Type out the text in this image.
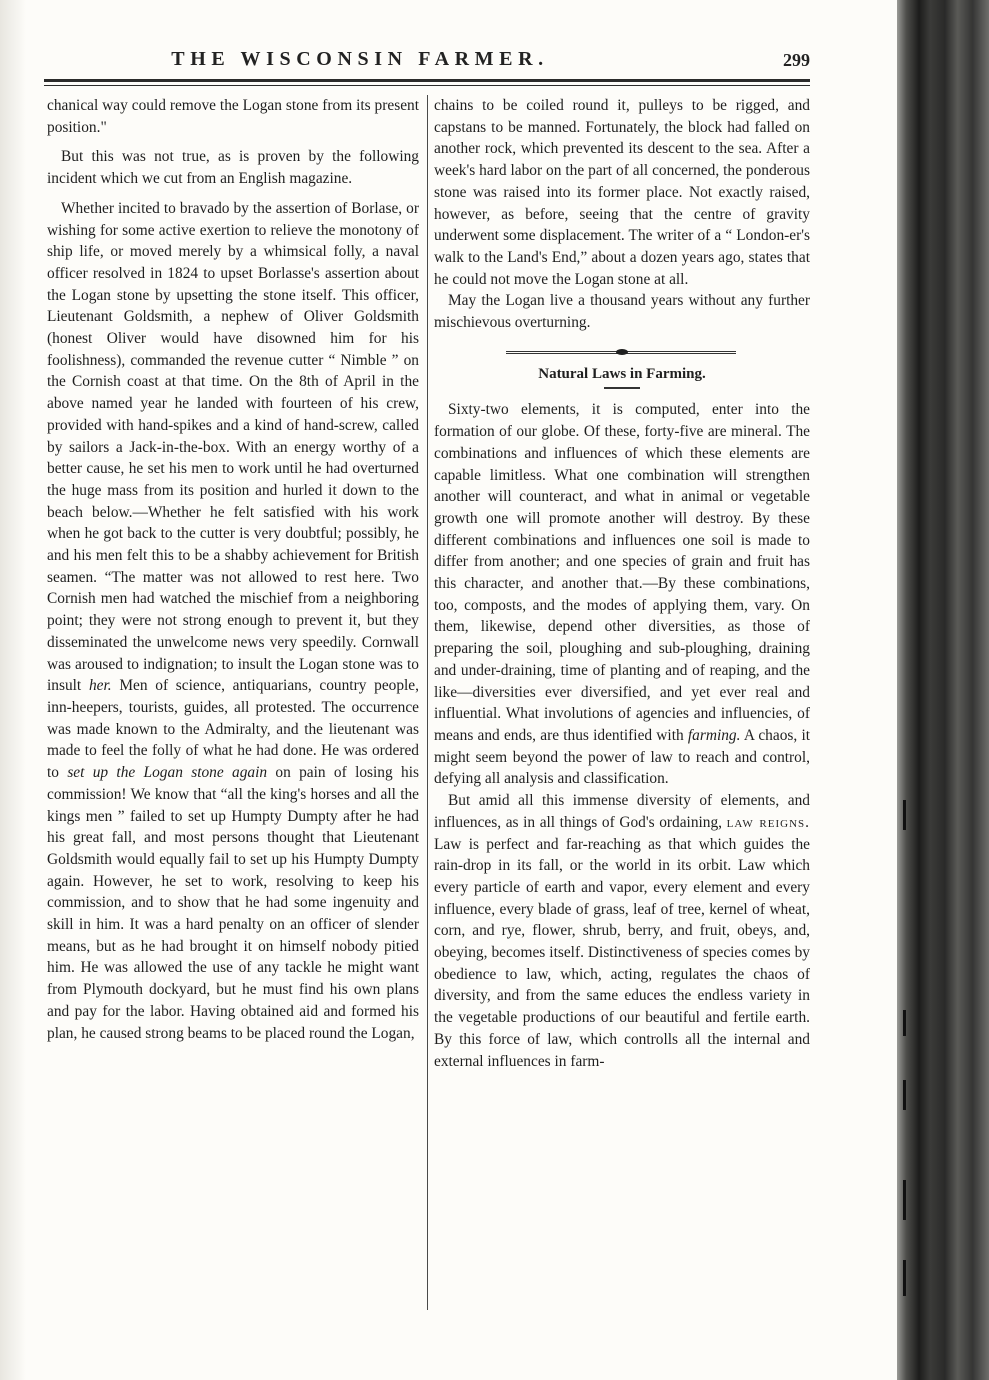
THE WISCONSIN FARMER.	299

chanical way could remove the Logan stone from its present position."

But this was not true, as is proven by the following incident which we cut from an English magazine.

Whether incited to bravado by the assertion of Borlase, or wishing for some active exertion to relieve the monotony of ship life, or moved merely by a whimsical folly, a naval officer resolved in 1824 to upset Borlasse's assertion about the Logan stone by upsetting the stone itself. This officer, Lieutenant Goldsmith, a nephew of Oliver Goldsmith (honest Oliver would have disowned him for his foolishness), commanded the revenue cutter “ Nimble ” on the Cornish coast at that time. On the 8th of April in the above named year he landed with fourteen of his crew, provided with hand-spikes and a kind of hand-screw, called by sailors a Jack-in-the-box. With an energy worthy of a better cause, he set his men to work until he had overturned the huge mass from its position and hurled it down to the beach below.—Whether he felt satisfied with his work when he got back to the cutter is very doubtful; possibly, he and his men felt this to be a shabby achievement for British seamen. “The matter was not allowed to rest here. Two Cornish men had watched the mischief from a neighboring point; they were not strong enough to prevent it, but they disseminated the unwelcome news very speedily. Cornwall was aroused to indignation; to insult the Logan stone was to insult her. Men of science, antiquarians, country people, inn-heepers, tourists, guides, all protested. The occurrence was made known to the Admiralty, and the lieutenant was made to feel the folly of what he had done. He was ordered to set up the Logan stone again on pain of losing his commission! We know that “all the king's horses and all the kings men ” failed to set up Humpty Dumpty after he had his great fall, and most persons thought that Lieutenant Goldsmith would equally fail to set up his Humpty Dumpty again. However, he set to work, resolving to keep his commission, and to show that he had some ingenuity and skill in him. It was a hard penalty on an officer of slender means, but as he had brought it on himself nobody pitied him. He was allowed the use of any tackle he might want from Plymouth dockyard, but he must find his own plans and pay for the labor. Having obtained aid and formed his plan, he caused strong beams to be placed round the Logan,

chains to be coiled round it, pulleys to be rigged, and capstans to be manned. Fortunately, the block had falled on another rock, which prevented its descent to the sea. After a week's hard labor on the part of all concerned, the ponderous stone was raised into its former place. Not exactly raised, however, as before, seeing that the centre of gravity underwent some displacement. The writer of a “ London-er's walk to the Land's End,” about a dozen years ago, states that he could not move the Logan stone at all.

May the Logan live a thousand years without any further mischievous overturning.

Natural Laws in Farming.

Sixty-two elements, it is computed, enter into the formation of our globe. Of these, forty-five are mineral. The combinations and influences of which these elements are capable limitless. What one combination will strengthen another will counteract, and what in animal or vegetable growth one will promote another will destroy. By these different combinations and influences one soil is made to differ from another; and one species of grain and fruit has this character, and another that.—By these combinations, too, composts, and the modes of applying them, vary. On them, likewise, depend other diversities, as those of preparing the soil, ploughing and sub-ploughing, draining and under-draining, time of planting and of reaping, and the like—diversities ever diversified, and yet ever real and influential. What involutions of agencies and influencies, of means and ends, are thus identified with farming. A chaos, it might seem beyond the power of law to reach and control, defying all analysis and classification.

But amid all this immense diversity of elements, and influences, as in all things of God's ordaining, law reigns. Law is perfect and far-reaching as that which guides the rain-drop in its fall, or the world in its orbit. Law which every particle of earth and vapor, every element and every influence, every blade of grass, leaf of tree, kernel of wheat, corn, and rye, flower, shrub, berry, and fruit, obeys, and, obeying, becomes itself. Distinctiveness of species comes by obedience to law, which, acting, regulates the chaos of diversity, and from the same educes the endless variety in the vegetable productions of our beautiful and fertile earth. By this force of law, which controlls all the internal and external influences in farm-
